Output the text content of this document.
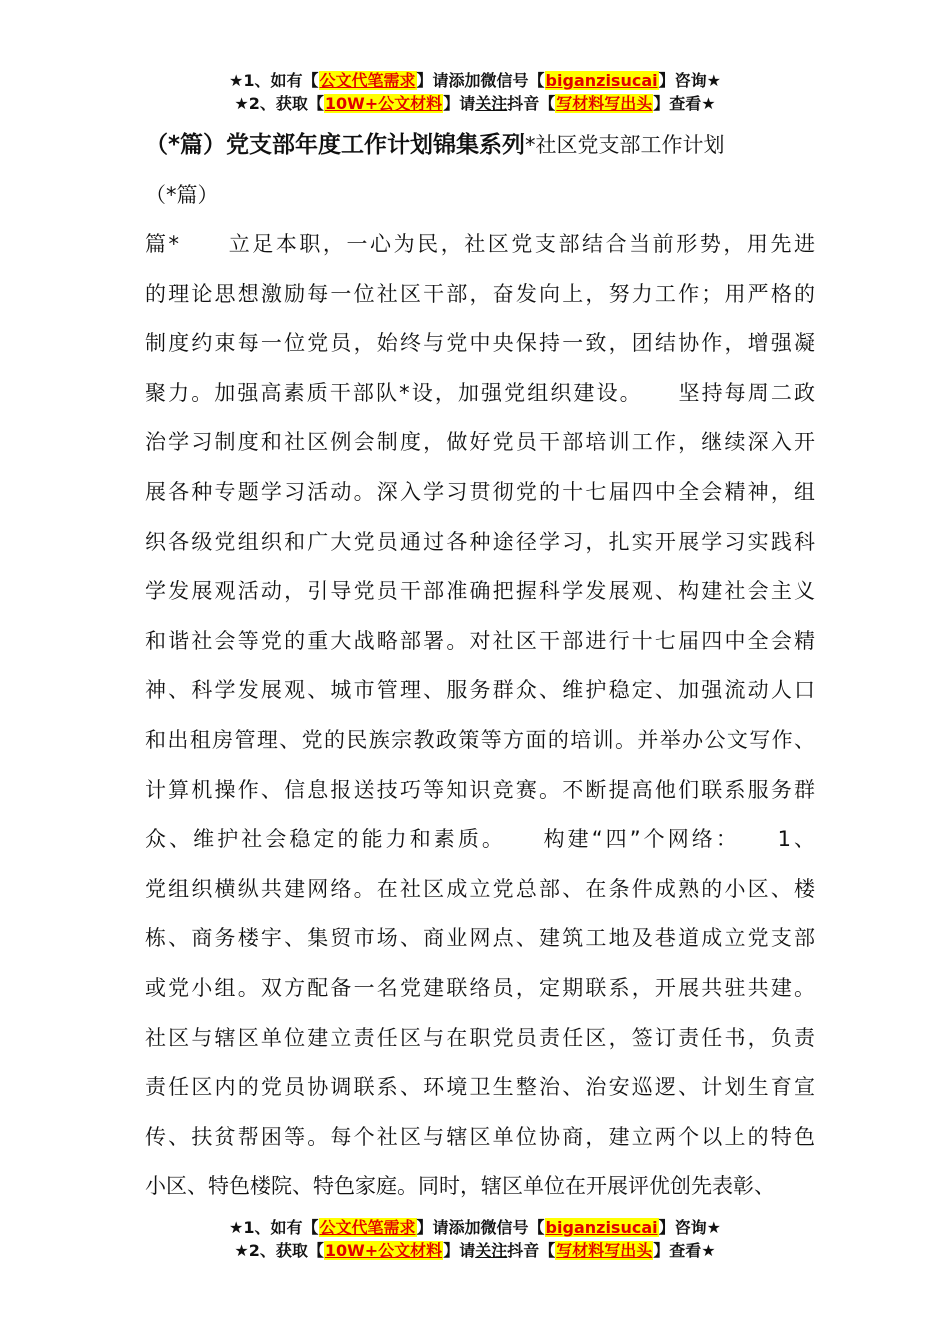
★1、如有【公文代笔需求】请添加微信号【biganzisucai】咨询★
★2、获取【10W+公文材料】请关注抖音【写材料写出头】查看★
（*篇）党支部年度工作计划锦集系列*社区党支部工作计划
（*篇）
篇*　　立足本职，一心为民，社区党支部结合当前形势，用先进
的理论思想激励每一位社区干部，奋发向上，努力工作；用严格的
制度约束每一位党员，始终与党中央保持一致，团结协作，增强凝
聚力。加强高素质干部队*设，加强党组织建设。　　坚持每周二政
治学习制度和社区例会制度，做好党员干部培训工作，继续深入开
展各种专题学习活动。深入学习贯彻党的十七届四中全会精神，组
织各级党组织和广大党员通过各种途径学习，扎实开展学习实践科
学发展观活动，引导党员干部准确把握科学发展观、构建社会主义
和谐社会等党的重大战略部署。对社区干部进行十七届四中全会精
神、科学发展观、城市管理、服务群众、维护稳定、加强流动人口
和出租房管理、党的民族宗教政策等方面的培训。并举办公文写作、
计算机操作、信息报送技巧等知识竞赛。不断提高他们联系服务群
众、维护社会稳定的能力和素质。　　构建“四”个网络：　　1、
党组织横纵共建网络。在社区成立党总部、在条件成熟的小区、楼
栋、商务楼宇、集贸市场、商业网点、建筑工地及巷道成立党支部
或党小组。双方配备一名党建联络员，定期联系，开展共驻共建。
社区与辖区单位建立责任区与在职党员责任区，签订责任书，负责
责任区内的党员协调联系、环境卫生整治、治安巡逻、计划生育宣
传、扶贫帮困等。每个社区与辖区单位协商，建立两个以上的特色
小区、特色楼院、特色家庭。同时，辖区单位在开展评优创先表彰、
★1、如有【公文代笔需求】请添加微信号【biganzisucai】咨询★
★2、获取【10W+公文材料】请关注抖音【写材料写出头】查看★
